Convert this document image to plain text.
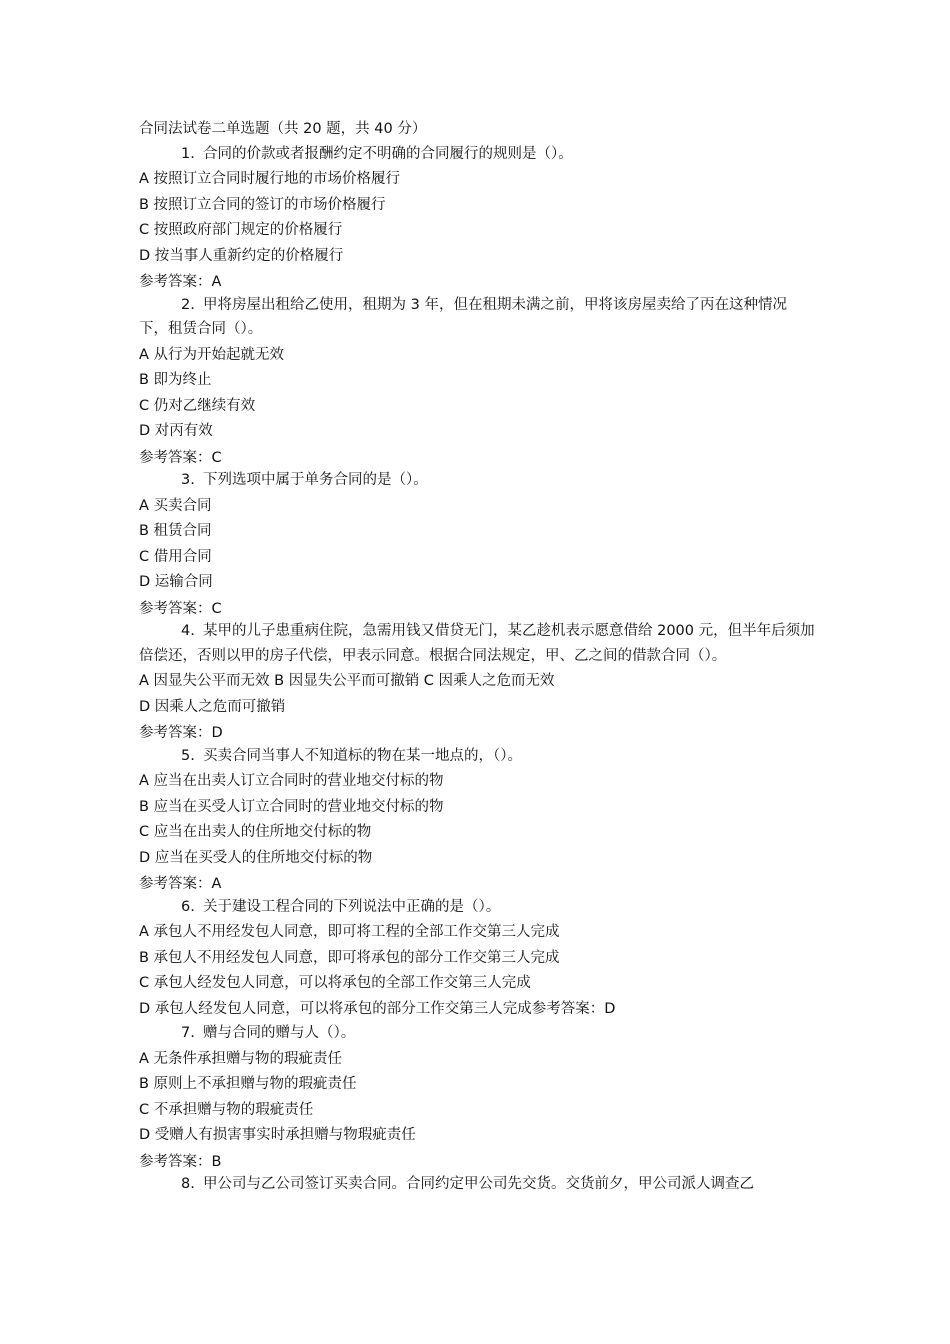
合同法试卷二单选题（共 20 题，共 40 分）
1. 合同的价款或者报酬约定不明确的合同履行的规则是（）。
A 按照订立合同时履行地的市场价格履行
B 按照订立合同的签订的市场价格履行
C 按照政府部门规定的价格履行
D 按当事人重新约定的价格履行
参考答案：A
2. 甲将房屋出租给乙使用，租期为 3 年，但在租期未满之前，甲将该房屋卖给了丙在这种情况下，租赁合同（）。
A 从行为开始起就无效
B 即为终止
C 仍对乙继续有效
D 对丙有效
参考答案：C
3. 下列选项中属于单务合同的是（）。
A 买卖合同
B 租赁合同
C 借用合同
D 运输合同
参考答案：C
4. 某甲的儿子患重病住院，急需用钱又借贷无门，某乙趁机表示愿意借给 2000 元，但半年后须加倍偿还，否则以甲的房子代偿，甲表示同意。根据合同法规定，甲、乙之间的借款合同（）。
A 因显失公平而无效 B 因显失公平而可撤销 C 因乘人之危而无效
D 因乘人之危而可撤销
参考答案：D
5. 买卖合同当事人不知道标的物在某一地点的，（）。
A 应当在出卖人订立合同时的营业地交付标的物
B 应当在买受人订立合同时的营业地交付标的物
C 应当在出卖人的住所地交付标的物
D 应当在买受人的住所地交付标的物
参考答案：A
6. 关于建设工程合同的下列说法中正确的是（）。
A 承包人不用经发包人同意，即可将工程的全部工作交第三人完成
B 承包人不用经发包人同意，即可将承包的部分工作交第三人完成
C 承包人经发包人同意，可以将承包的全部工作交第三人完成
D 承包人经发包人同意，可以将承包的部分工作交第三人完成参考答案：D
7. 赠与合同的赠与人（）。
A 无条件承担赠与物的瑕疵责任
B 原则上不承担赠与物的瑕疵责任
C 不承担赠与物的瑕疵责任
D 受赠人有损害事实时承担赠与物瑕疵责任
参考答案：B
8. 甲公司与乙公司签订买卖合同。合同约定甲公司先交货。交货前夕，甲公司派人调查乙
